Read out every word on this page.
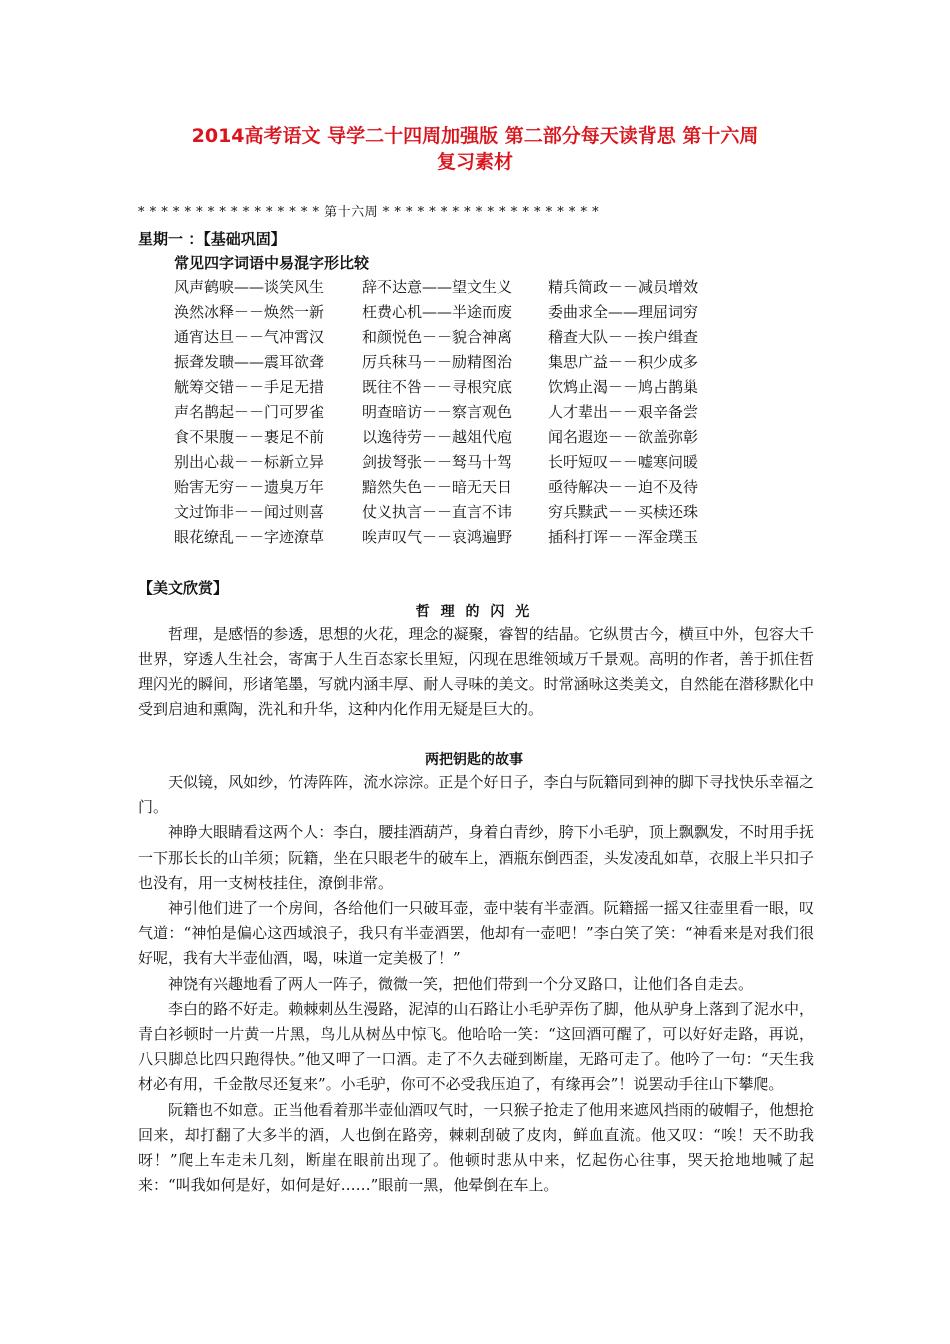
2014高考语文 导学二十四周加强版 第二部分每天读背思 第十六周
复习素材
* * * * * * * * * * * * * * * * 第十六周 * * * * * * * * * * * * * * * * * * *
星期一 ：【基础巩固】
常见四字词语中易混字形比较
风声鹤唳——谈笑风生	辞不达意——望文生义 精兵简政－－减员增效
涣然冰释－－焕然一新	枉费心机——半途而废 委曲求全——理屈词穷
通宵达旦－－气冲霄汉	和颜悦色－－貌合神离 稽查大队－－挨户缉查
振聋发聩——震耳欲聋	厉兵秣马－－励精图治 集思广益－－积少成多
觥筹交错－－手足无措	既往不咎－－寻根究底 饮鸩止渴－－鸠占鹊巢
声名鹊起－－门可罗雀	明查暗访－－察言观色 人才辈出－－艰辛备尝
食不果腹－－裹足不前	以逸待劳－－越俎代庖 闻名遐迩－－欲盖弥彰
别出心裁－－标新立异	剑拔弩张－－驽马十驾 长吁短叹－－嘘寒问暖
贻害无穷－－遗臭万年	黯然失色－－暗无天日 亟待解决－－迫不及待
文过饰非－－闻过则喜	仗义执言－－直言不讳 穷兵黩武－－买椟还珠
眼花缭乱－－字迹潦草	唉声叹气－－哀鸿遍野 插科打诨－－浑金璞玉
【美文欣赏】
哲 理 的 闪 光

哲理，是感悟的参透，思想的火花，理念的凝聚，睿智的结晶。它纵贯古今，横亘中外，包容大千世界，穿透人生社会，寄寓于人生百态家长里短，闪现在思维领域万千景观。高明的作者，善于抓住哲理闪光的瞬间，形诸笔墨，写就内涵丰厚、耐人寻味的美文。时常涵咏这类美文，自然能在潜移默化中受到启迪和熏陶，洗礼和升华，这种内化作用无疑是巨大的。

两把钥匙的故事

天似镜，风如纱，竹涛阵阵，流水淙淙。正是个好日子，李白与阮籍同到神的脚下寻找快乐幸福之门。

神睁大眼睛看这两个人：李白，腰挂酒葫芦，身着白青纱，胯下小毛驴，顶上飘飘发，不时用手抚一下那长长的山羊须；阮籍，坐在只眼老牛的破车上，酒瓶东倒西歪，头发凌乱如草，衣服上半只扣子也没有，用一支树枝挂住，潦倒非常。

神引他们进了一个房间，各给他们一只破耳壶，壶中装有半壶酒。阮籍摇一摇又往壶里看一眼，叹气道：“神怕是偏心这西域浪子，我只有半壶酒罢，他却有一壶吧！”李白笑了笑：“神看来是对我们很好呢，我有大半壶仙酒，喝，味道一定美极了！”

神饶有兴趣地看了两人一阵子，微微一笑，把他们带到一个分叉路口，让他们各自走去。

李白的路不好走。赖棘刺丛生漫路，泥淖的山石路让小毛驴弄伤了脚，他从驴身上落到了泥水中，青白衫顿时一片黄一片黑，鸟儿从树丛中惊飞。他哈哈一笑：“这回酒可醒了，可以好好走路，再说，八只脚总比四只跑得快。”他又呷了一口酒。走了不久去碰到断崖，无路可走了。他吟了一句：“天生我材必有用，千金散尽还复来”。小毛驴，你可不必受我压迫了，有缘再会”！说罢动手往山下攀爬。

阮籍也不如意。正当他看着那半壶仙酒叹气时，一只猴子抢走了他用来遮风挡雨的破帽子，他想抢回来，却打翻了大多半的酒，人也倒在路旁，棘刺刮破了皮肉，鲜血直流。他又叹：“唉！天不助我呀！”爬上车走未几刻，断崖在眼前出现了。他顿时悲从中来，忆起伤心往事，哭天抢地地喊了起来：“叫我如何是好，如何是好……”眼前一黑，他晕倒在车上。
